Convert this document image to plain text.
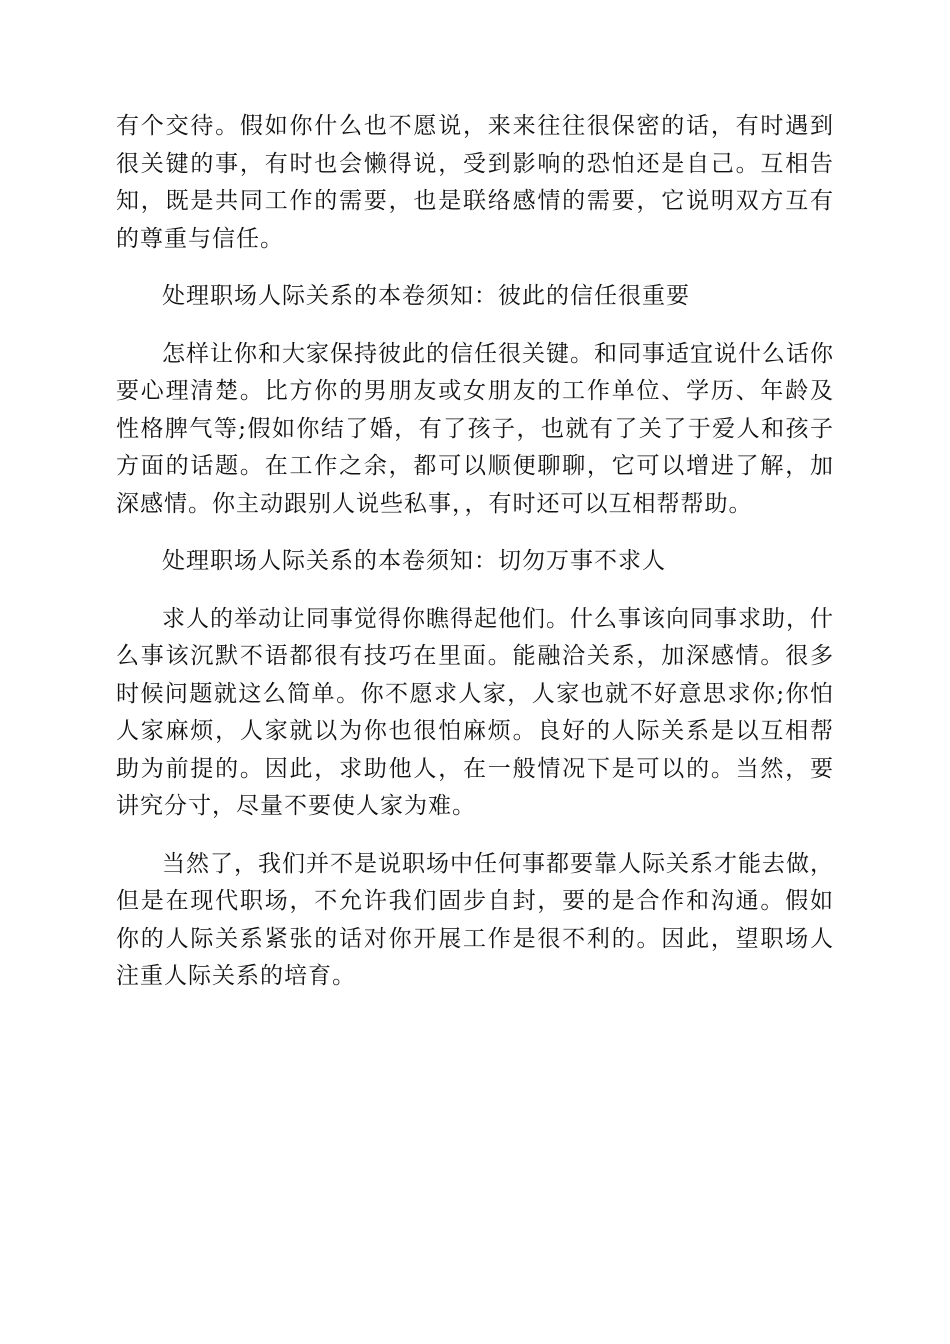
有个交待。假如你什么也不愿说，来来往往很保密的话，有时遇到很关键的事，有时也会懒得说，受到影响的恐怕还是自己。互相告知，既是共同工作的需要，也是联络感情的需要，它说明双方互有的尊重与信任。

处理职场人际关系的本卷须知：彼此的信任很重要

怎样让你和大家保持彼此的信任很关键。和同事适宜说什么话你要心理清楚。比方你的男朋友或女朋友的工作单位、学历、年龄及性格脾气等;假如你结了婚，有了孩子，也就有了关了于爱人和孩子方面的话题。在工作之余，都可以顺便聊聊，它可以增进了解，加深感情。你主动跟别人说些私事，，有时还可以互相帮帮助。

处理职场人际关系的本卷须知：切勿万事不求人

求人的举动让同事觉得你瞧得起他们。什么事该向同事求助，什么事该沉默不语都很有技巧在里面。能融洽关系，加深感情。很多时候问题就这么简单。你不愿求人家，人家也就不好意思求你;你怕人家麻烦，人家就以为你也很怕麻烦。良好的人际关系是以互相帮助为前提的。因此，求助他人，在一般情况下是可以的。当然，要讲究分寸，尽量不要使人家为难。

当然了，我们并不是说职场中任何事都要靠人际关系才能去做，但是在现代职场，不允许我们固步自封，要的是合作和沟通。假如你的人际关系紧张的话对你开展工作是很不利的。因此，望职场人注重人际关系的培育。
